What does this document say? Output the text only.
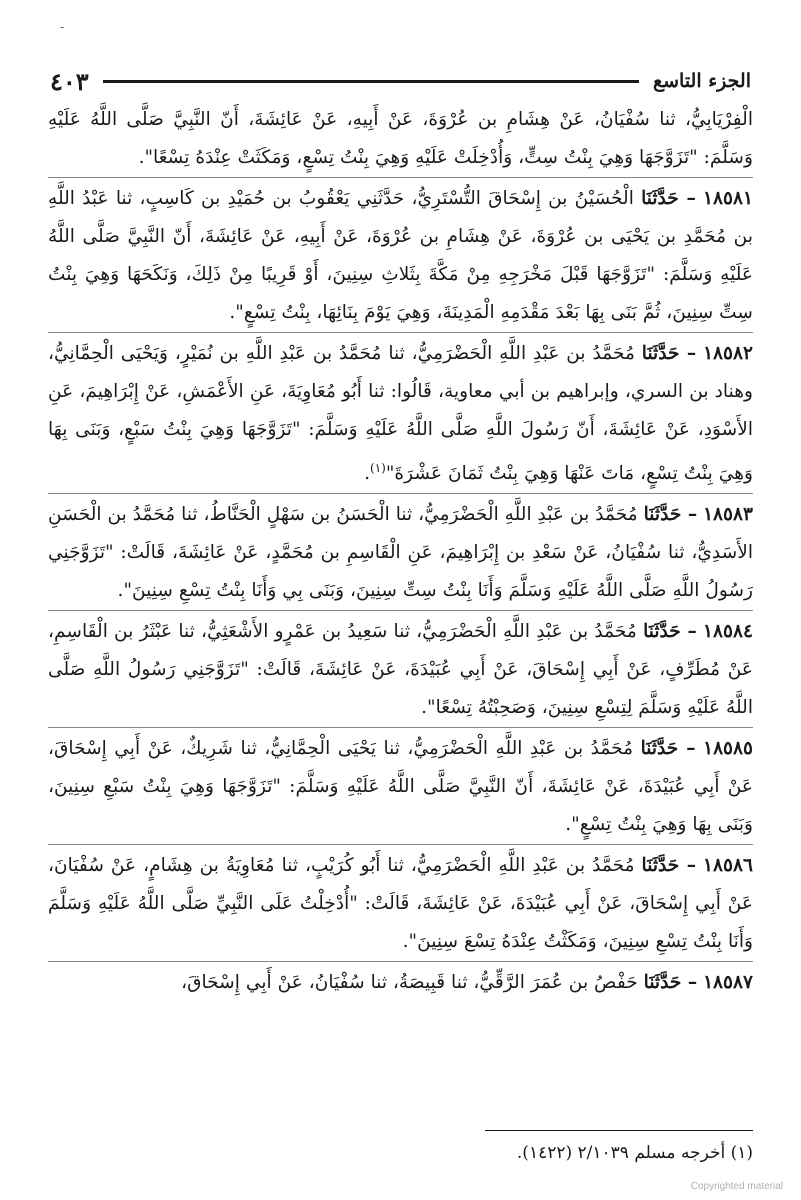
-
الجزء التاسع
٤٠٣

الْفِرْيَابِيُّ، ثنا سُفْيَانُ، عَنْ هِشَامِ بن عُرْوَةَ، عَنْ أَبِيهِ، عَنْ عَائِشَةَ، أَنّ النَّبِيَّ صَلَّى اللَّهُ عَلَيْهِ وَسَلَّمَ: "تَزَوَّجَهَا وَهِيَ بِنْتُ سِتٍّ، وَأُدْخِلَتْ عَلَيْهِ وَهِيَ بِنْتُ تِسْعٍ، وَمَكَثَتْ عِنْدَهُ تِسْعًا".

١٨٥٨١ – حَدَّثَنَا الْحُسَيْنُ بن إِسْحَاقَ التُّسْتَرِيُّ، حَدَّثَنِي يَعْقُوبُ بن حُمَيْدِ بن كَاسِبٍ، ثنا عَبْدُ اللَّهِ بن مُحَمَّدِ بن يَحْيَى بن عُرْوَةَ، عَنْ هِشَامِ بن عُرْوَةَ، عَنْ أَبِيهِ، عَنْ عَائِشَةَ، أَنّ النَّبِيَّ صَلَّى اللَّهُ عَلَيْهِ وَسَلَّمَ: "تَزَوَّجَهَا قَبْلَ مَخْرَجِهِ مِنْ مَكَّةَ بِثَلاثِ سِنِينَ، أَوْ قَرِيبًا مِنْ ذَلِكَ، وَنَكَحَهَا وَهِيَ بِنْتُ سِتِّ سِنِينَ، ثُمَّ بَنَى بِهَا بَعْدَ مَقْدَمِهِ الْمَدِينَةَ، وَهِيَ يَوْمَ بِنَائِهَا، بِنْتُ تِسْعٍ".

١٨٥٨٢ – حَدَّثَنَا مُحَمَّدُ بن عَبْدِ اللَّهِ الْحَضْرَمِيُّ، ثنا مُحَمَّدُ بن عَبْدِ اللَّهِ بن نُمَيْرٍ، وَيَحْيَى الْحِمَّانِيُّ، وهناد بن السري، وإبراهيم بن أبي معاوية، قَالُوا: ثنا أَبُو مُعَاوِيَةَ، عَنِ الأَعْمَشِ، عَنْ إِبْرَاهِيمَ، عَنِ الأَسْوَدِ، عَنْ عَائِشَةَ، أَنّ رَسُولَ اللَّهِ صَلَّى اللَّهُ عَلَيْهِ وَسَلَّمَ: "تَزَوَّجَهَا وَهِيَ بِنْتُ سَبْعٍ، وَبَنَى بِهَا وَهِيَ بِنْتُ تِسْعٍ، مَاتَ عَنْهَا وَهِيَ بِنْتُ ثَمَانَ عَشْرَةَ"$^{(١)}$.

١٨٥٨٣ – حَدَّثَنَا مُحَمَّدُ بن عَبْدِ اللَّهِ الْحَضْرَمِيُّ، ثنا الْحَسَنُ بن سَهْلٍ الْحَنَّاطُ، ثنا مُحَمَّدُ بن الْحَسَنِ الأَسَدِيُّ، ثنا سُفْيَانُ، عَنْ سَعْدِ بن إِبْرَاهِيمَ، عَنِ الْقَاسِمِ بن مُحَمَّدٍ، عَنْ عَائِشَةَ، قَالَتْ: "تَزَوَّجَنِي رَسُولُ اللَّهِ صَلَّى اللَّهُ عَلَيْهِ وَسَلَّمَ وَأَنَا بِنْتُ سِتِّ سِنِينَ، وَبَنَى بِي وَأَنَا بِنْتُ تِسْعِ سِنِينَ".

١٨٥٨٤ – حَدَّثَنَا مُحَمَّدُ بن عَبْدِ اللَّهِ الْحَضْرَمِيُّ، ثنا سَعِيدُ بن عَمْرٍو الأَشْعَثِيُّ، ثنا عَبْثَرُ بن الْقَاسِمِ، عَنْ مُطَرِّفٍ، عَنْ أَبِي إِسْحَاقَ، عَنْ أَبِي عُبَيْدَةَ، عَنْ عَائِشَةَ، قَالَتْ: "تَزَوَّجَنِي رَسُولُ اللَّهِ صَلَّى اللَّهُ عَلَيْهِ وَسَلَّمَ لِتِسْعِ سِنِينَ، وَصَحِبْتُهُ تِسْعًا".

١٨٥٨٥ – حَدَّثَنَا مُحَمَّدُ بن عَبْدِ اللَّهِ الْحَضْرَمِيُّ، ثنا يَحْيَى الْحِمَّانِيُّ، ثنا شَرِيكٌ، عَنْ أَبِي إِسْحَاقَ، عَنْ أَبِي عُبَيْدَةَ، عَنْ عَائِشَةَ، أَنّ النَّبِيَّ صَلَّى اللَّهُ عَلَيْهِ وَسَلَّمَ: "تَزَوَّجَهَا وَهِيَ بِنْتُ سَبْعِ سِنِينَ، وَبَنَى بِهَا وَهِيَ بِنْتُ تِسْعٍ".

١٨٥٨٦ – حَدَّثَنَا مُحَمَّدُ بن عَبْدِ اللَّهِ الْحَضْرَمِيُّ، ثنا أَبُو كُرَيْبٍ، ثنا مُعَاوِيَةُ بن هِشَامٍ، عَنْ سُفْيَانَ، عَنْ أَبِي إِسْحَاقَ، عَنْ أَبِي عُبَيْدَةَ، عَنْ عَائِشَةَ، قَالَتْ: "أُدْخِلْتُ عَلَى النَّبِيِّ صَلَّى اللَّهُ عَلَيْهِ وَسَلَّمَ وَأَنَا بِنْتُ تِسْعِ سِنِينَ، وَمَكَثْتُ عِنْدَهُ تِسْعَ سِنِينَ".

١٨٥٨٧ – حَدَّثَنَا حَفْصُ بن عُمَرَ الرَّقِّيُّ، ثنا قَبِيصَةُ، ثنا سُفْيَانُ، عَنْ أَبِي إِسْحَاقَ،

(١) أخرجه مسلم ٢/١٠٣٩ (١٤٢٢).
Copyrighted material
